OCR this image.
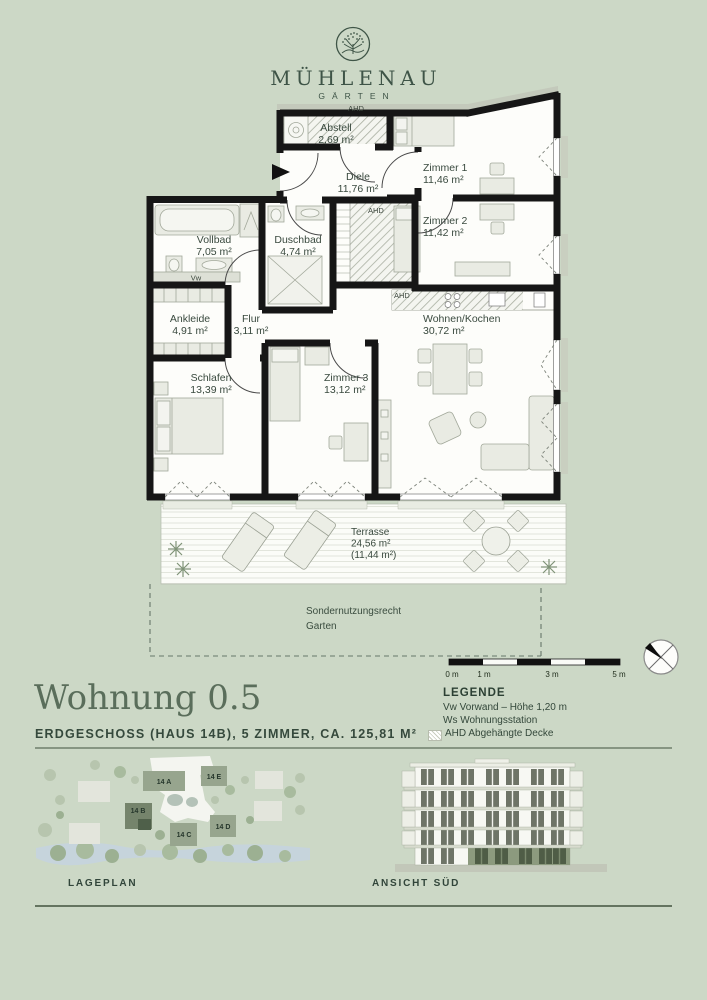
Terrasse
24,56 m²
(11,44 m²)
Sondernutzungsrecht
Garten
Abstell
2,69 m²
Diele
11,76 m²
Zimmer 1
11,46 m²
Zimmer 2
11,42 m²
Vollbad
7,05 m²
Duschbad
4,74 m²
Ankleide
4,91 m²
Flur
3,11 m²
Schlafen
13,39 m²
Zimmer 3
13,12 m²
Wohnen/Kochen
30,72 m²
AHD
AHD
AHD
Vw
0 m 1 m	3 m	5 m
14 A
14 E
14 B
14 C
14 D
MÜHLENAU
GÄRTEN
Wohnung 0.5
ERDGESCHOSS (HAUS 14B), 5 ZIMMER, CA. 125,81 M²
LEGENDE
Vw Vorwand – Höhe 1,20 m
Ws Wohnungsstation
AHD Abgehängte Decke
LAGEPLAN	ANSICHT SÜD
